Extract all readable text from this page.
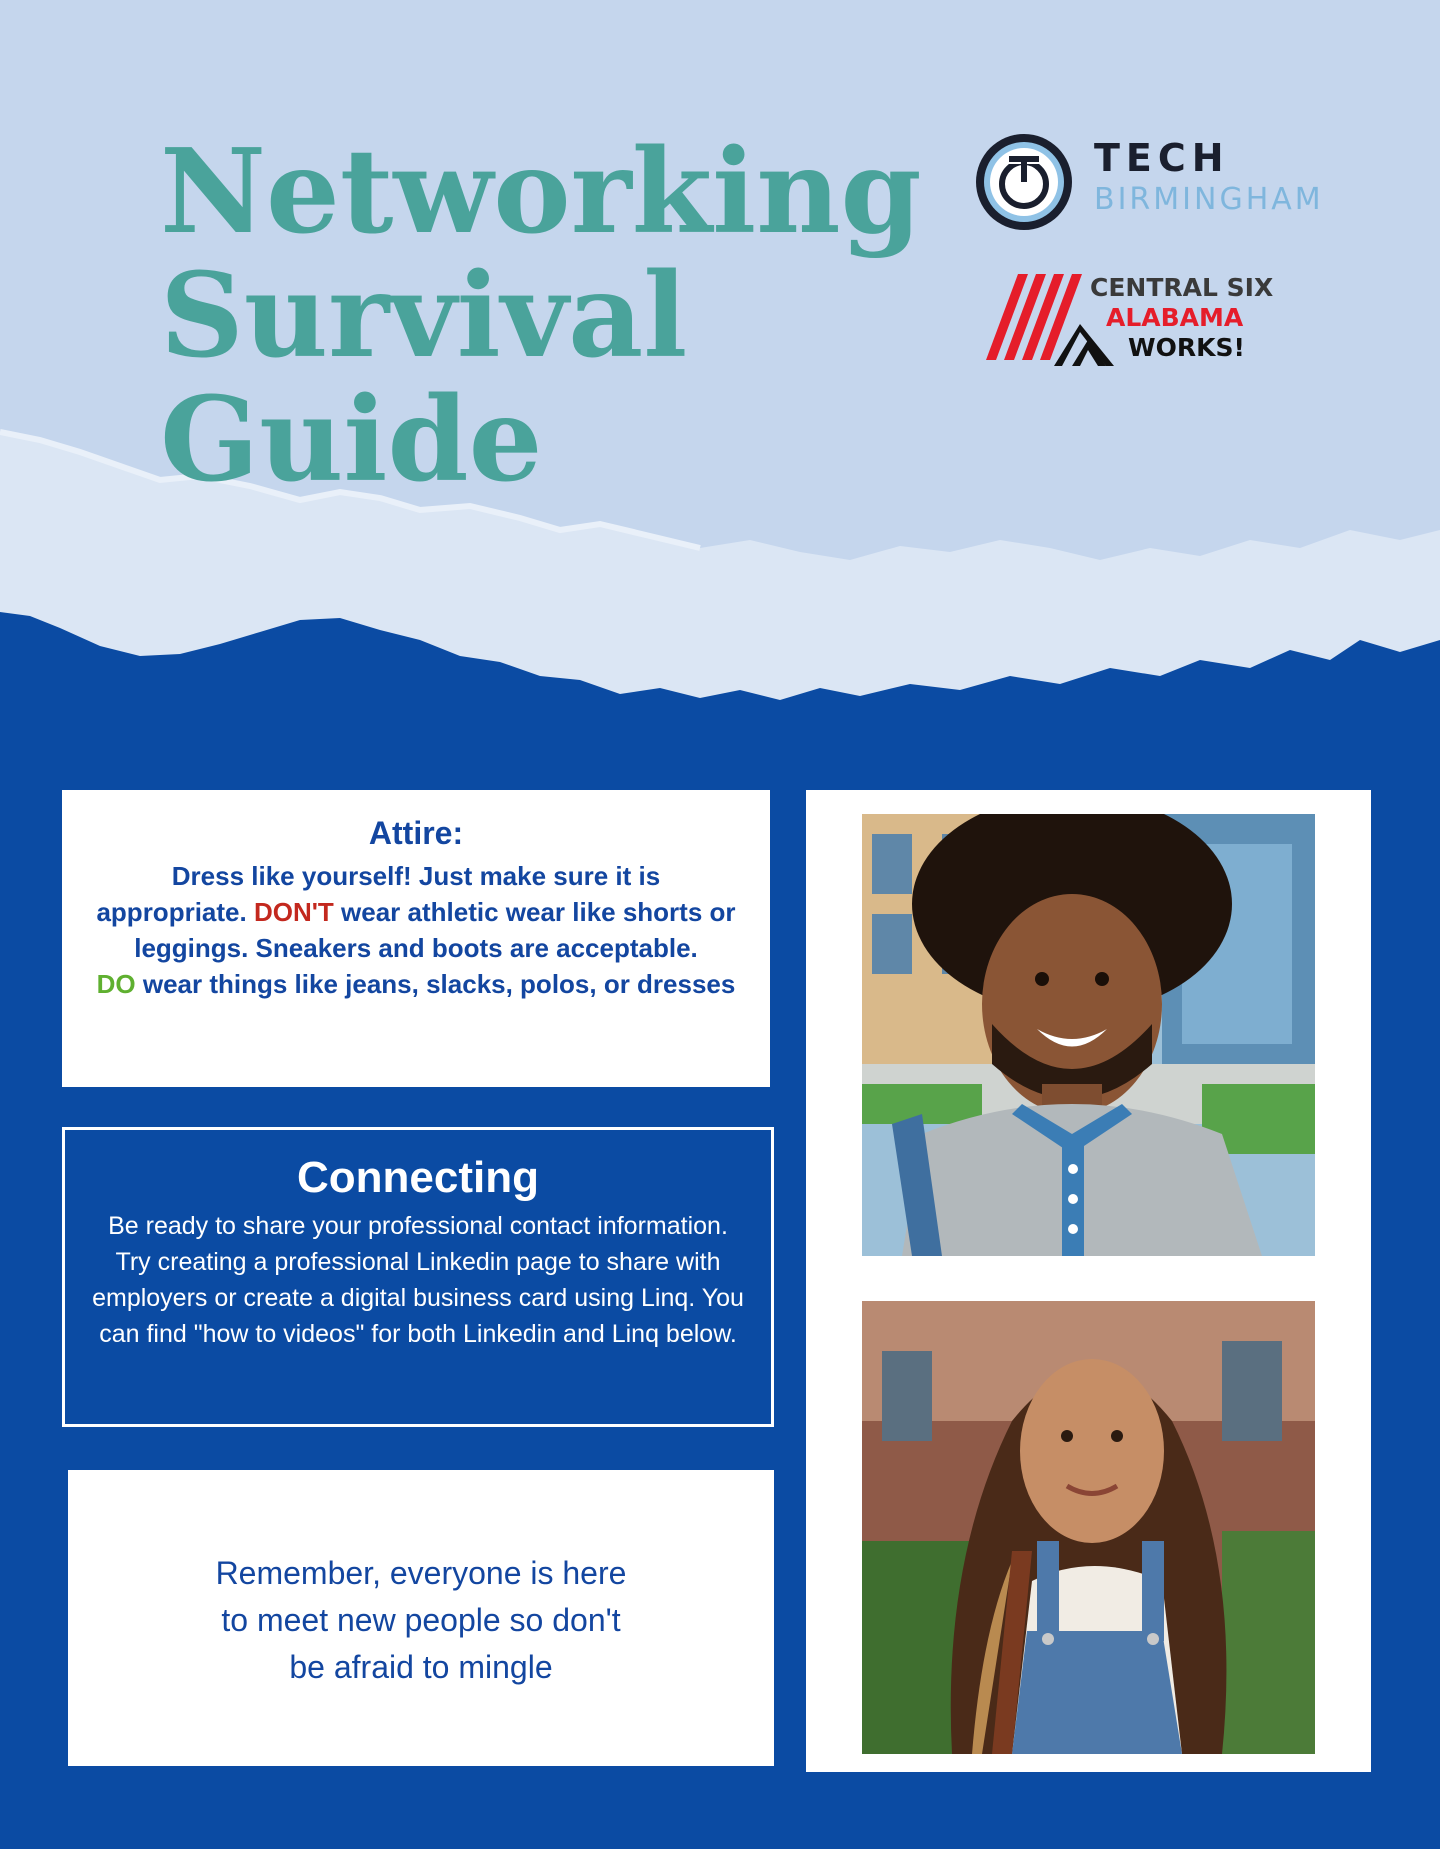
Networking
Survival
Guide
TECH
BIRMINGHAM
CENTRAL SIX
ALABAMA
WORKS!
Attire:

Dress like yourself! Just make sure it is appropriate. DON'T wear athletic wear like shorts or leggings. Sneakers and boots are acceptable.
DO wear things like jeans, slacks, polos, or dresses

Connecting

Be ready to share your professional contact information. Try creating a professional Linkedin page to share with employers or create a digital business card using Linq. You can find "how to videos" for both Linkedin and Linq below.

Remember, everyone is here
to meet new people so don't
be afraid to mingle
